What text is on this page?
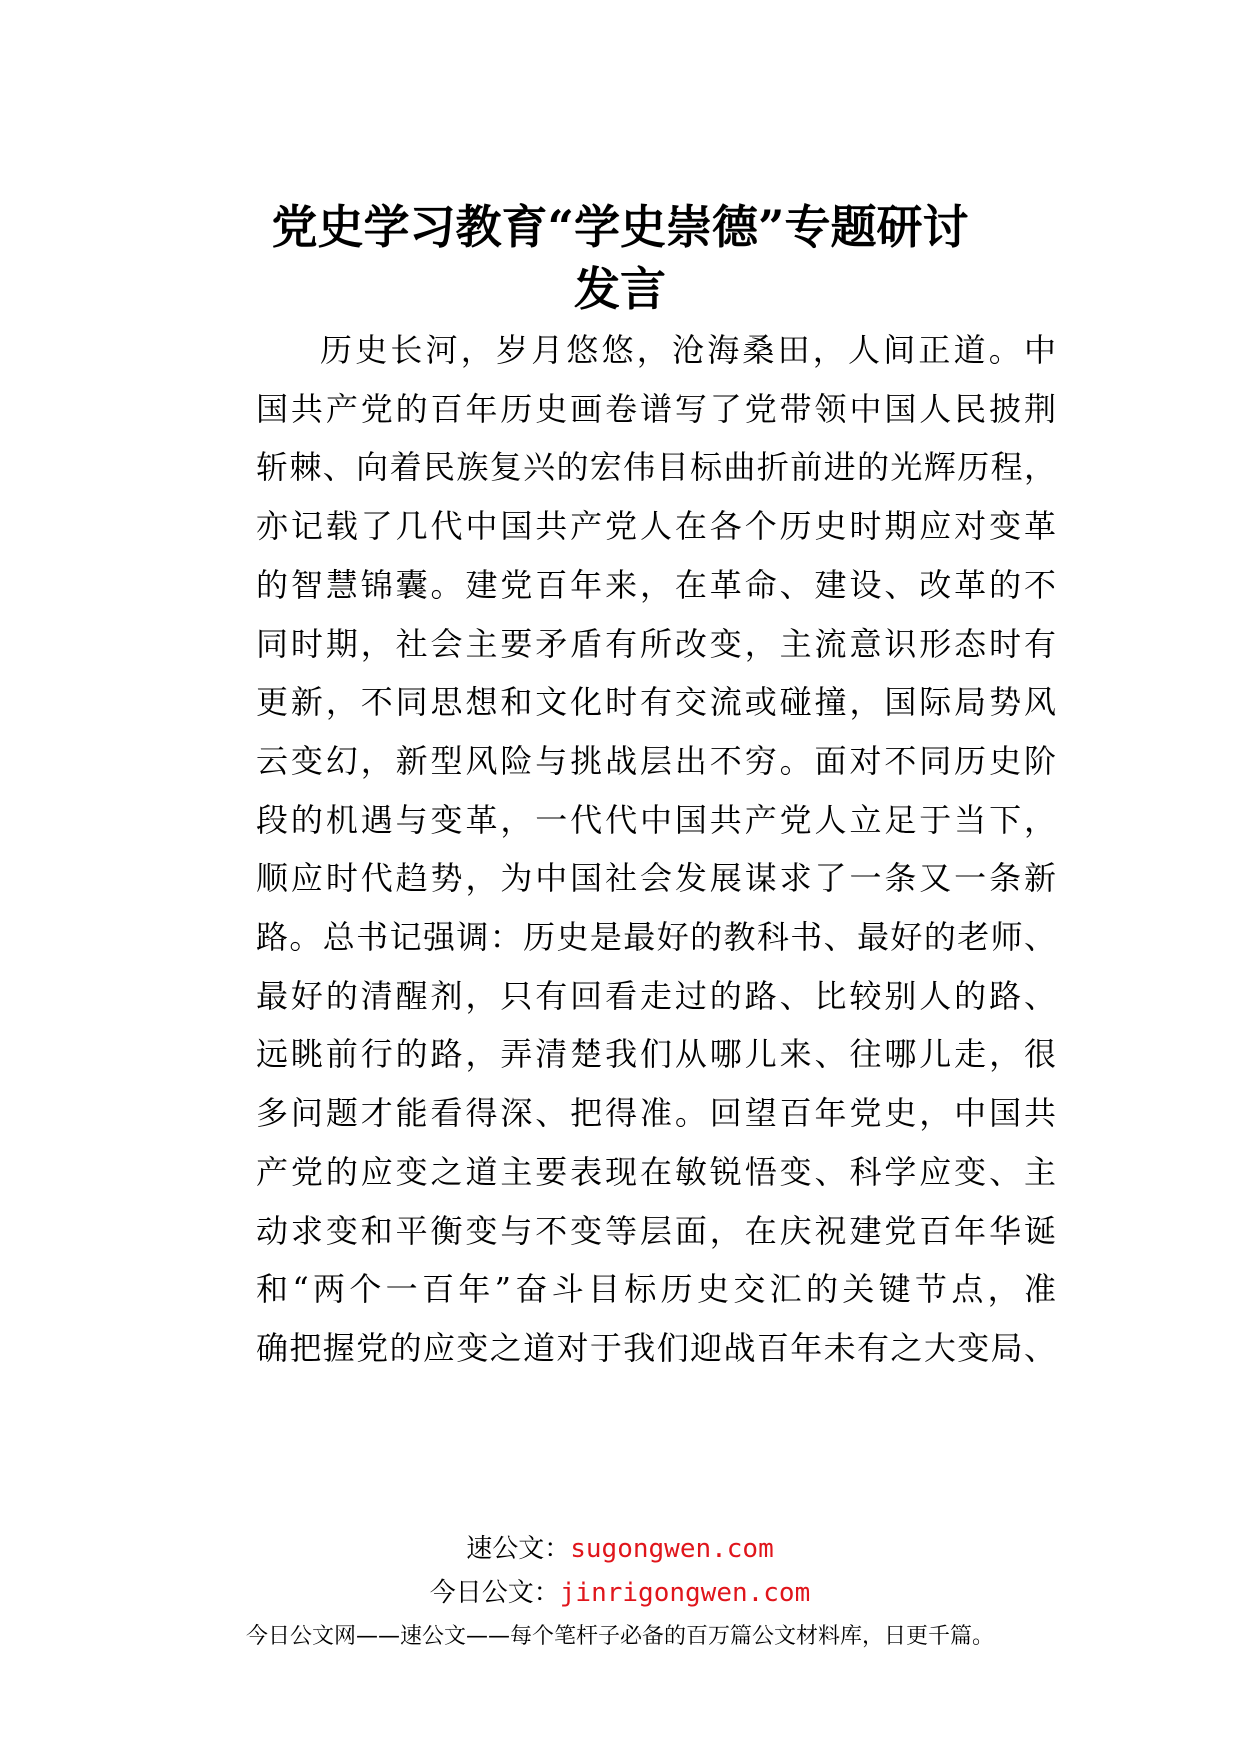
党史学习教育“学史崇德”专题研讨
发言
历史长河，岁月悠悠，沧海桑田，人间正道。中
国共产党的百年历史画卷谱写了党带领中国人民披荆
斩棘、向着民族复兴的宏伟目标曲折前进的光辉历程，
亦记载了几代中国共产党人在各个历史时期应对变革
的智慧锦囊。建党百年来，在革命、建设、改革的不
同时期，社会主要矛盾有所改变，主流意识形态时有
更新，不同思想和文化时有交流或碰撞，国际局势风
云变幻，新型风险与挑战层出不穷。面对不同历史阶
段的机遇与变革，一代代中国共产党人立足于当下，
顺应时代趋势，为中国社会发展谋求了一条又一条新
路。总书记强调：历史是最好的教科书、最好的老师、
最好的清醒剂，只有回看走过的路、比较别人的路、
远眺前行的路，弄清楚我们从哪儿来、往哪儿走，很
多问题才能看得深、把得准。回望百年党史，中国共
产党的应变之道主要表现在敏锐悟变、科学应变、主
动求变和平衡变与不变等层面，在庆祝建党百年华诞
和“两个一百年”奋斗目标历史交汇的关键节点，准
确把握党的应变之道对于我们迎战百年未有之大变局、
速公文：sugongwen.com
今日公文：jinrigongwen.com
今日公文网——速公文——每个笔杆子必备的百万篇公文材料库，日更千篇。
